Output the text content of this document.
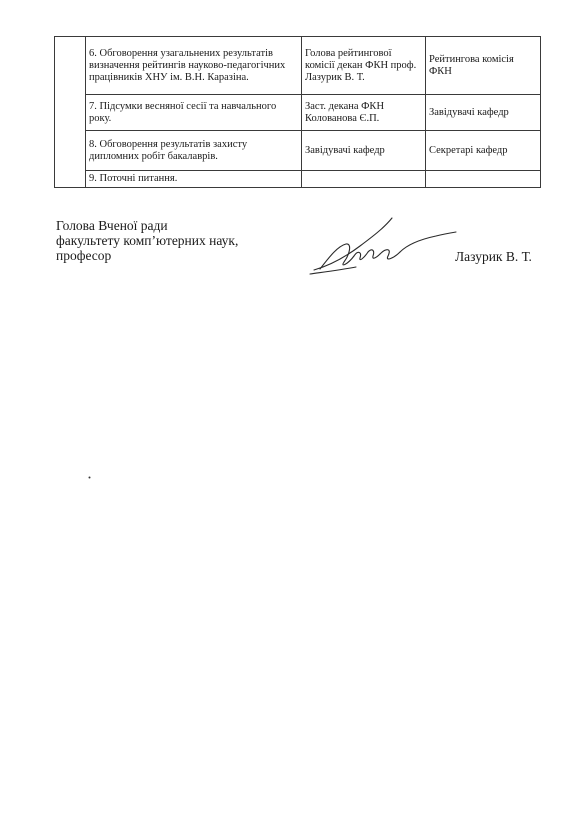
	6. Обговорення узагальнених результатів визначення рейтингів науково-педагогічних працівників ХНУ ім. В.Н. Каразіна.	Голова рейтингової комісії декан ФКН проф. Лазурик В. Т.	Рейтингова комісія ФКН
	7. Підсумки весняної сесії та навчального року.	Заст. декана ФКН Колованова Є.П.	Завідувачі кафедр
	8. Обговорення результатів захисту дипломних робіт бакалаврів.	Завідувачі кафедр	Секретарі кафедр
	9. Поточні питання.		
Голова Вченої ради
факультету комп’ютерних наук,
професор	Лазурик В. Т.
